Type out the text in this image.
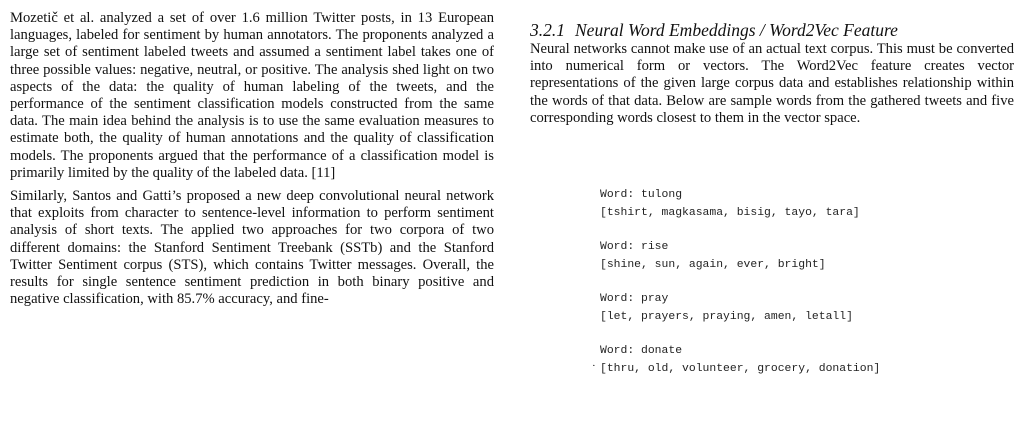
Mozetič et al. analyzed a set of over 1.6 million Twitter posts, in 13 European languages, labeled for sentiment by human annotators. The proponents analyzed a large set of sentiment labeled tweets and assumed a sentiment label takes one of three possible values: negative, neutral, or positive. The analysis shed light on two aspects of the data: the quality of human labeling of the tweets, and the performance of the sentiment classification models constructed from the same data. The main idea behind the analysis is to use the same evaluation measures to estimate both, the quality of human annotations and the quality of classification models. The proponents argued that the performance of a classification model is primarily limited by the quality of the labeled data. [11]

Similarly, Santos and Gatti’s proposed a new deep convolutional neural network that exploits from character to sentence-level information to perform sentiment analysis of short texts. The applied two approaches for two corpora of two different domains: the Stanford Sentiment Treebank (SSTb) and the Stanford Twitter Sentiment corpus (STS), which contains Twitter messages. Overall, the results for single sentence sentiment prediction in both binary positive and negative classification, with 85.7% accuracy, and fine-

3.2.1 Neural Word Embeddings / Word2Vec Feature

Neural networks cannot make use of an actual text corpus. This must be converted into numerical form or vectors. The Word2Vec feature creates vector representations of the given large corpus data and establishes relationship within the words of that data. Below are sample words from the gathered tweets and five corresponding words closest to them in the vector space.

Word: tulong
[tshirt, magkasama, bisig, tayo, tara]
Word: rise
[shine, sun, again, ever, bright]
Word: pray
[let, prayers, praying, amen, letall]
Word: donate
· [thru, old, volunteer, grocery, donation]
